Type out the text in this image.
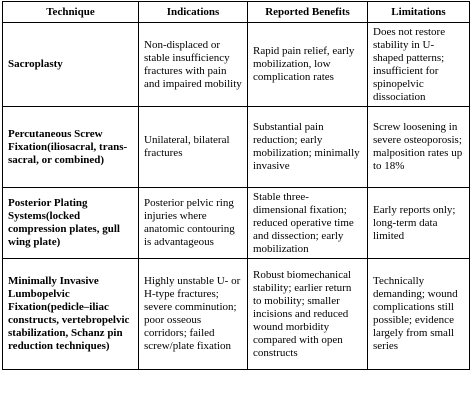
Technique	Indications	Reported Benefits	Limitations
Sacroplasty	Non-displaced or stable insufficiency fractures with pain and impaired mobility	Rapid pain relief, early mobilization, low complication rates	Does not restore stability in U-shaped patterns; insufficient for spinopelvic dissociation
Percutaneous Screw Fixation(iliosacral, trans-sacral, or combined)	Unilateral, bilateral fractures	Substantial pain reduction; early mobilization; minimally invasive	Screw loosening in severe osteoporosis; malposition rates up to 18%
Posterior Plating Systems(locked compression plates, gull wing plate)	Posterior pelvic ring injuries where anatomic contouring is advantageous	Stable three-dimensional fixation; reduced operative time and dissection; early mobilization	Early reports only; long-term data limited
Minimally Invasive Lumbopelvic Fixation(pedicle–iliac constructs, vertebropelvic stabilization, Schanz pin reduction techniques)	Highly unstable U- or H-type fractures; severe comminution; poor osseous corridors; failed screw/plate fixation	Robust biomechanical stability; earlier return to mobility; smaller incisions and reduced wound morbidity compared with open constructs	Technically demanding; wound complications still possible; evidence largely from small series
